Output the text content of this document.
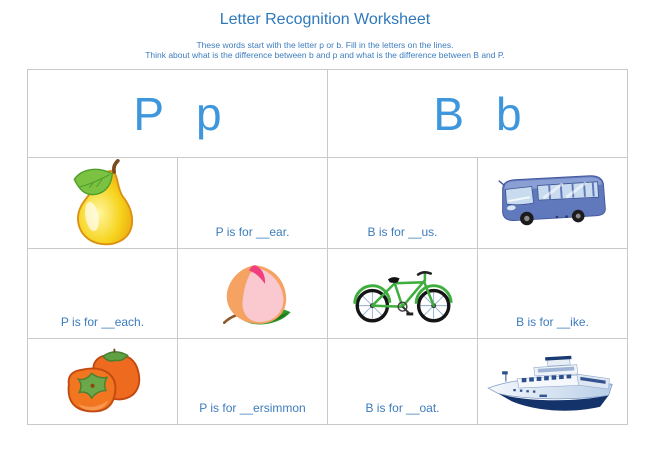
Letter Recognition Worksheet
These words start with the letter p or b. Fill in the letters on the lines.
Think about what is the difference between b and p and what is the difference between B and P.
P p		B b	

	P is for __ear.	B is for __us.	

P is for __each.			B is for __ike.

	P is for __ersimmon	B is for __oat.	
